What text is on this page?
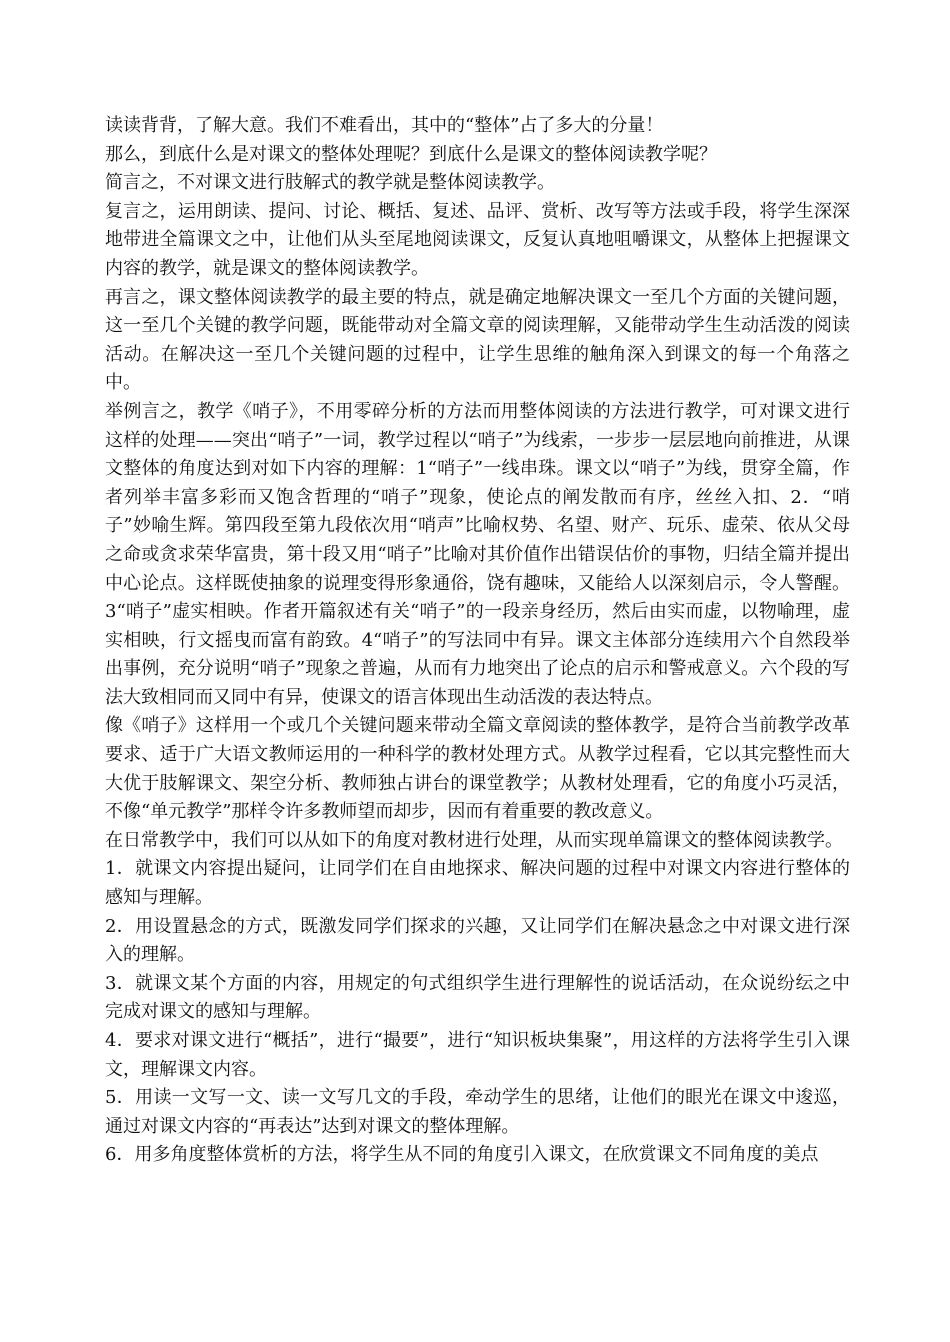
读读背背，了解大意。我们不难看出，其中的“整体”占了多大的分量！

那么，到底什么是对课文的整体处理呢？到底什么是课文的整体阅读教学呢？

简言之，不对课文进行肢解式的教学就是整体阅读教学。

复言之，运用朗读、提问、讨论、概括、复述、品评、赏析、改写等方法或手段，将学生深深地带进全篇课文之中，让他们从头至尾地阅读课文，反复认真地咀嚼课文，从整体上把握课文内容的教学，就是课文的整体阅读教学。

再言之，课文整体阅读教学的最主要的特点，就是确定地解决课文一至几个方面的关键问题，这一至几个关键的教学问题，既能带动对全篇文章的阅读理解，又能带动学生生动活泼的阅读活动。在解决这一至几个关键问题的过程中，让学生思维的触角深入到课文的每一个角落之中。

举例言之，教学《哨子》，不用零碎分析的方法而用整体阅读的方法进行教学，可对课文进行这样的处理——突出“哨子”一词，教学过程以“哨子”为线索，一步步一层层地向前推进，从课文整体的角度达到对如下内容的理解：1“哨子”一线串珠。课文以“哨子”为线，贯穿全篇，作者列举丰富多彩而又饱含哲理的“哨子”现象，使论点的阐发散而有序，丝丝入扣、2．“哨子”妙喻生辉。第四段至第九段依次用“哨声”比喻权势、名望、财产、玩乐、虚荣、依从父母之命或贪求荣华富贵，第十段又用“哨子”比喻对其价值作出错误估价的事物，归结全篇并提出中心论点。这样既使抽象的说理变得形象通俗，饶有趣味，又能给人以深刻启示，令人警醒。3“哨子”虚实相映。作者开篇叙述有关“哨子”的一段亲身经历，然后由实而虚，以物喻理，虚实相映，行文摇曳而富有韵致。4“哨子”的写法同中有异。课文主体部分连续用六个自然段举出事例，充分说明“哨子”现象之普遍，从而有力地突出了论点的启示和警戒意义。六个段的写法大致相同而又同中有异，使课文的语言体现出生动活泼的表达特点。

像《哨子》这样用一个或几个关键问题来带动全篇文章阅读的整体教学，是符合当前教学改革要求、适于广大语文教师运用的一种科学的教材处理方式。从教学过程看，它以其完整性而大大优于肢解课文、架空分析、教师独占讲台的课堂教学；从教材处理看，它的角度小巧灵活，不像“单元教学”那样令许多教师望而却步，因而有着重要的教改意义。

在日常教学中，我们可以从如下的角度对教材进行处理，从而实现单篇课文的整体阅读教学。

1．就课文内容提出疑问，让同学们在自由地探求、解决问题的过程中对课文内容进行整体的感知与理解。

2．用设置悬念的方式，既激发同学们探求的兴趣，又让同学们在解决悬念之中对课文进行深入的理解。

3．就课文某个方面的内容，用规定的句式组织学生进行理解性的说话活动，在众说纷纭之中完成对课文的感知与理解。

4．要求对课文进行“概括”，进行“撮要”，进行“知识板块集聚”，用这样的方法将学生引入课文，理解课文内容。

5．用读一文写一文、读一文写几文的手段，牵动学生的思绪，让他们的眼光在课文中逡巡，通过对课文内容的“再表达”达到对课文的整体理解。

6．用多角度整体赏析的方法，将学生从不同的角度引入课文，在欣赏课文不同角度的美点
